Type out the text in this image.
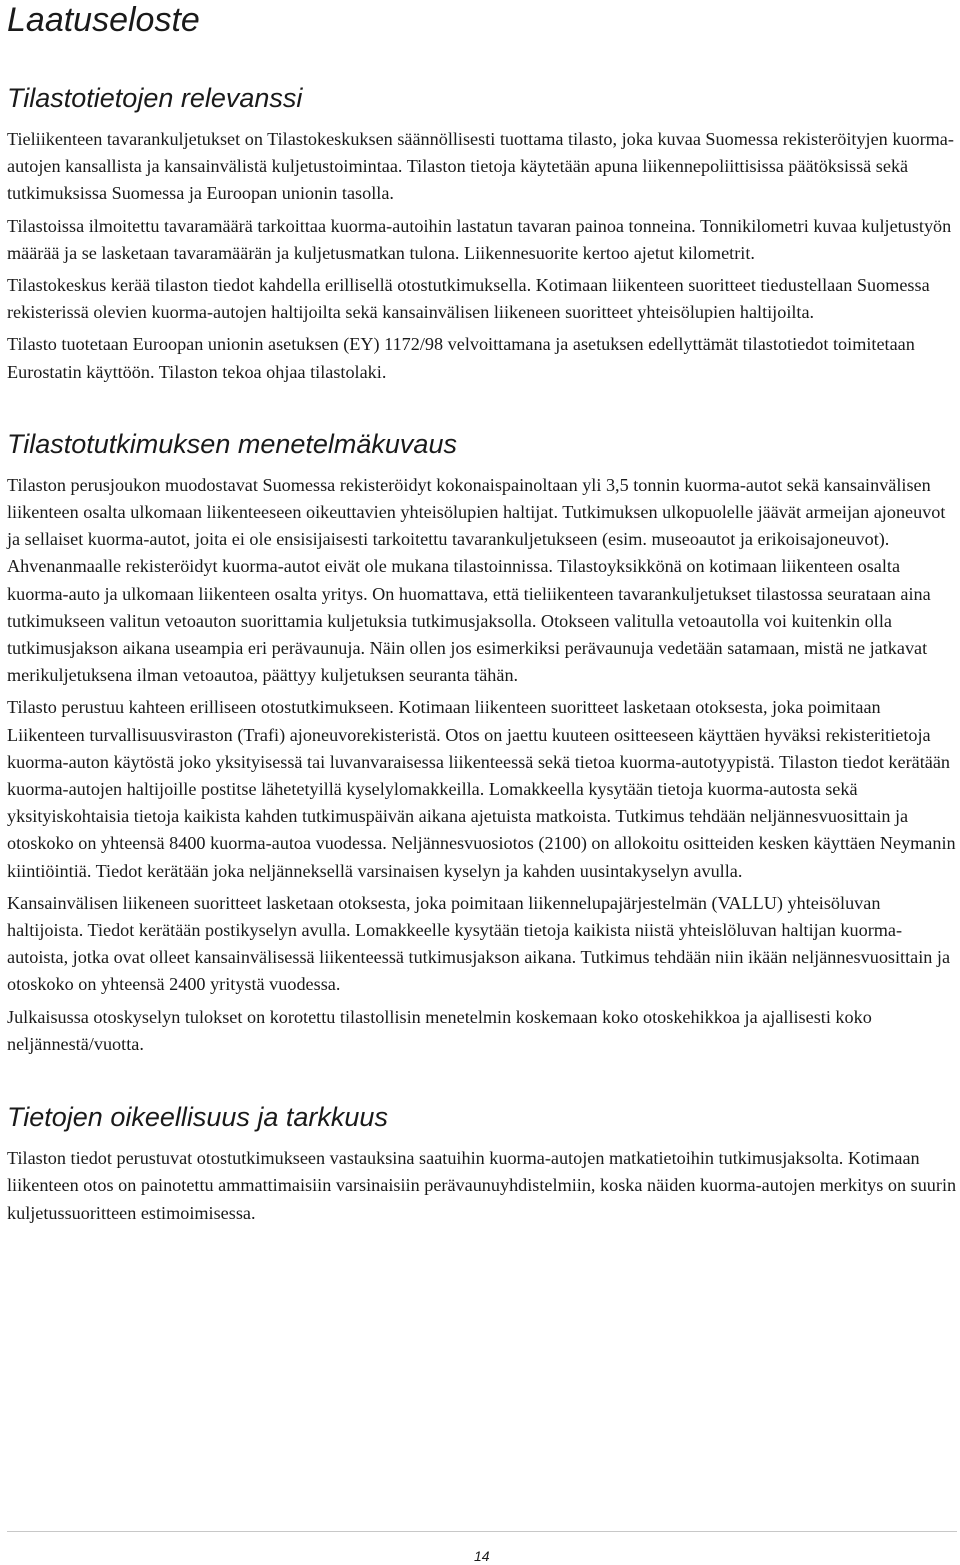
Laatuseloste
Tilastotietojen relevanssi

Tieliikenteen tavarankuljetukset on Tilastokeskuksen säännöllisesti tuottama tilasto, joka kuvaa Suomessa rekisteröityjen kuorma-autojen kansallista ja kansainvälistä kuljetustoimintaa. Tilaston tietoja käytetään apuna liikennepoliittisissa päätöksissä sekä tutkimuksissa Suomessa ja Euroopan unionin tasolla.

Tilastoissa ilmoitettu tavaramäärä tarkoittaa kuorma-autoihin lastatun tavaran painoa tonneina. Tonnikilometri kuvaa kuljetustyön määrää ja se lasketaan tavaramäärän ja kuljetusmatkan tulona. Liikennesuorite kertoo ajetut kilometrit.

Tilastokeskus kerää tilaston tiedot kahdella erillisellä otostutkimuksella. Kotimaan liikenteen suoritteet tiedustellaan Suomessa rekisterissä olevien kuorma-autojen haltijoilta sekä kansainvälisen liikeneen suoritteet yhteisölupien haltijoilta.

Tilasto tuotetaan Euroopan unionin asetuksen (EY) 1172/98 velvoittamana ja asetuksen edellyttämät tilastotiedot toimitetaan Eurostatin käyttöön. Tilaston tekoa ohjaa tilastolaki.

Tilastotutkimuksen menetelmäkuvaus

Tilaston perusjoukon muodostavat Suomessa rekisteröidyt kokonaispainoltaan yli 3,5 tonnin kuorma-autot sekä kansainvälisen liikenteen osalta ulkomaan liikenteeseen oikeuttavien yhteisölupien haltijat. Tutkimuksen ulkopuolelle jäävät armeijan ajoneuvot ja sellaiset kuorma-autot, joita ei ole ensisijaisesti tarkoitettu tavarankuljetukseen (esim. museoautot ja erikoisajoneuvot). Ahvenanmaalle rekisteröidyt kuorma-autot eivät ole mukana tilastoinnissa. Tilastoyksikkönä on kotimaan liikenteen osalta kuorma-auto ja ulkomaan liikenteen osalta yritys. On huomattava, että tieliikenteen tavarankuljetukset tilastossa seurataan aina tutkimukseen valitun vetoauton suorittamia kuljetuksia tutkimusjaksolla. Otokseen valitulla vetoautolla voi kuitenkin olla tutkimusjakson aikana useampia eri perävaunuja. Näin ollen jos esimerkiksi perävaunuja vedetään satamaan, mistä ne jatkavat merikuljetuksena ilman vetoautoa, päättyy kuljetuksen seuranta tähän.

Tilasto perustuu kahteen erilliseen otostutkimukseen. Kotimaan liikenteen suoritteet lasketaan otoksesta, joka poimitaan Liikenteen turvallisuusviraston (Trafi) ajoneuvorekisteristä. Otos on jaettu kuuteen ositteeseen käyttäen hyväksi rekisteritietoja kuorma-auton käytöstä joko yksityisessä tai luvanvaraisessa liikenteessä sekä tietoa kuorma-autotyypistä. Tilaston tiedot kerätään kuorma-autojen haltijoille postitse lähetetyillä kyselylomakkeilla. Lomakkeella kysytään tietoja kuorma-autosta sekä yksityiskohtaisia tietoja kaikista kahden tutkimuspäivän aikana ajetuista matkoista. Tutkimus tehdään neljännesvuosittain ja otoskoko on yhteensä 8400 kuorma-autoa vuodessa. Neljännesvuosiotos (2100) on allokoitu ositteiden kesken käyttäen Neymanin kiintiöintiä. Tiedot kerätään joka neljänneksellä varsinaisen kyselyn ja kahden uusintakyselyn avulla.

Kansainvälisen liikeneen suoritteet lasketaan otoksesta, joka poimitaan liikennelupajärjestelmän (VALLU) yhteisöluvan haltijoista. Tiedot kerätään postikyselyn avulla. Lomakkeelle kysytään tietoja kaikista niistä yhteislöluvan haltijan kuorma-autoista, jotka ovat olleet kansainvälisessä liikenteessä tutkimusjakson aikana. Tutkimus tehdään niin ikään neljännesvuosittain ja otoskoko on yhteensä 2400 yritystä vuodessa.

Julkaisussa otoskyselyn tulokset on korotettu tilastollisin menetelmin koskemaan koko otoskehikkoa ja ajallisesti koko neljännestä/vuotta.

Tietojen oikeellisuus ja tarkkuus

Tilaston tiedot perustuvat otostutkimukseen vastauksina saatuihin kuorma-autojen matkatietoihin tutkimusjaksolta. Kotimaan liikenteen otos on painotettu ammattimaisiin varsinaisiin perävaunuyhdistelmiin, koska näiden kuorma-autojen merkitys on suurin kuljetussuoritteen estimoimisessa.

14
